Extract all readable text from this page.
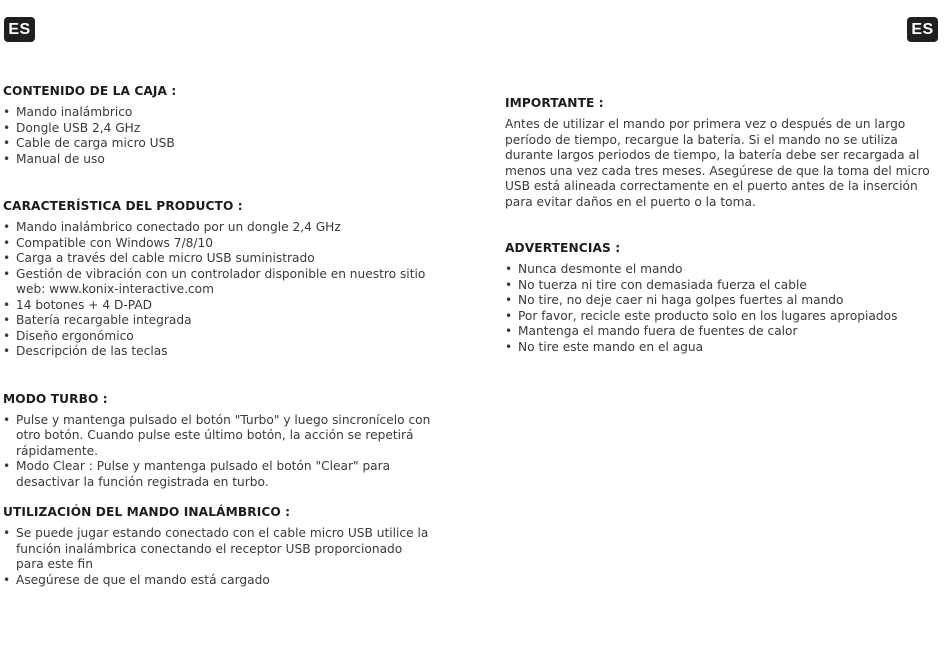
ES	ES
CONTENIDO DE LA CAJA :
• Mando inalámbrico
• Dongle USB 2,4 GHz
• Cable de carga micro USB
• Manual de uso
CARACTERÍSTICA DEL PRODUCTO :
• Mando inalámbrico conectado por un dongle 2,4 GHz
• Compatible con Windows 7/8/10
• Carga a través del cable micro USB suministrado
• Gestión de vibración con un controlador disponible en nuestro sitio web: www.konix-interactive.com
• 14 botones + 4 D-PAD
• Batería recargable integrada
• Diseño ergonómico
• Descripción de las teclas
MODO TURBO :
• Pulse y mantenga pulsado el botón "Turbo" y luego sincronícelo con otro botón. Cuando pulse este último botón, la acción se repetirá rápidamente.
• Modo Clear : Pulse y mantenga pulsado el botón "Clear" para desactivar la función registrada en turbo.
UTILIZACIÓN DEL MANDO INALÁMBRICO :
• Se puede jugar estando conectado con el cable micro USB utilice la función inalámbrica conectando el receptor USB proporcionado para este fin
• Asegúrese de que el mando está cargado
IMPORTANTE :

Antes de utilizar el mando por primera vez o después de un largo período de tiempo, recargue la batería. Si el mando no se utiliza durante largos periodos de tiempo, la batería debe ser recargada al menos una vez cada tres meses. Asegúrese de que la toma del micro USB está alineada correctamente en el puerto antes de la inserción para evitar daños en el puerto o la toma.

ADVERTENCIAS :
• Nunca desmonte el mando
• No tuerza ni tire con demasiada fuerza el cable
• No tire, no deje caer ni haga golpes fuertes al mando
• Por favor, recicle este producto solo en los lugares apropiados
• Mantenga el mando fuera de fuentes de calor
• No tire este mando en el agua
